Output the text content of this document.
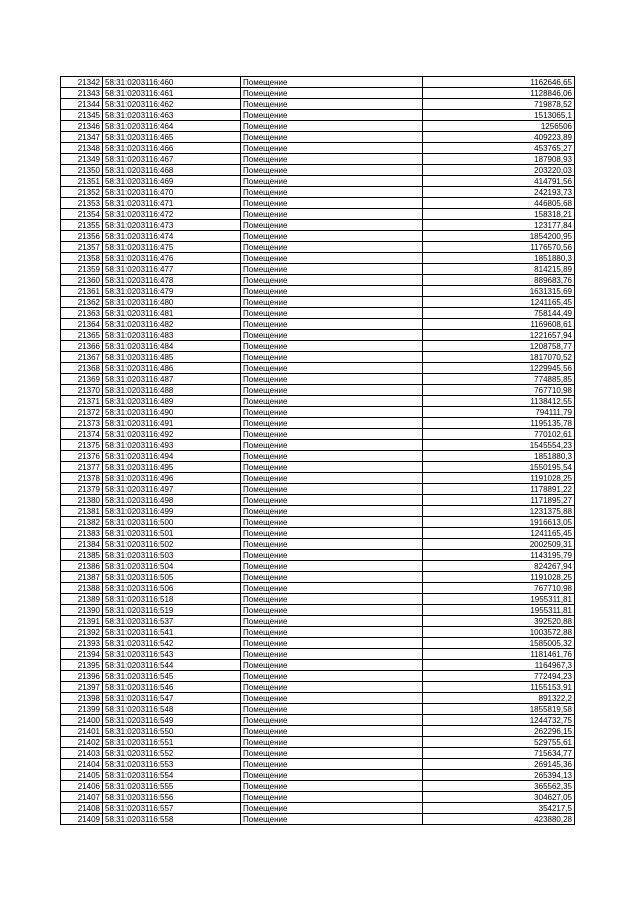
21342	58:31:0203116:460	Помещение	1162646,65
21343	58:31:0203116:461	Помещение	1128846,06
21344	58:31:0203116:462	Помещение	719878,52
21345	58:31:0203116:463	Помещение	1513065,1
21346	58:31:0203116:464	Помещение	1256506
21347	58:31:0203116:465	Помещение	409223,89
21348	58:31:0203116:466	Помещение	453765,27
21349	58:31:0203116:467	Помещение	187908,93
21350	58:31:0203116:468	Помещение	203220,03
21351	58:31:0203116:469	Помещение	414791,56
21352	58:31:0203116:470	Помещение	242193,73
21353	58:31:0203116:471	Помещение	446805,68
21354	58:31:0203116:472	Помещение	158318,21
21355	58:31:0203116:473	Помещение	123177,84
21356	58:31:0203116:474	Помещение	1854200,95
21357	58:31:0203116:475	Помещение	1176570,56
21358	58:31:0203116:476	Помещение	1851880,3
21359	58:31:0203116:477	Помещение	814215,89
21360	58:31:0203116:478	Помещение	889683,76
21361	58:31:0203116:479	Помещение	1631315,69
21362	58:31:0203116:480	Помещение	1241165,45
21363	58:31:0203116:481	Помещение	758144,49
21364	58:31:0203116:482	Помещение	1169608,61
21365	58:31:0203116:483	Помещение	1221657,94
21366	58:31:0203116:484	Помещение	1208758,77
21367	58:31:0203116:485	Помещение	1817070,52
21368	58:31:0203116:486	Помещение	1229945,56
21369	58:31:0203116:487	Помещение	774885,85
21370	58:31:0203116:488	Помещение	767710,98
21371	58:31:0203116:489	Помещение	1138412,55
21372	58:31:0203116:490	Помещение	794111,79
21373	58:31:0203116:491	Помещение	1195135,78
21374	58:31:0203116:492	Помещение	770102,61
21375	58:31:0203116:493	Помещение	1545554,23
21376	58:31:0203116:494	Помещение	1851880,3
21377	58:31:0203116:495	Помещение	1550195,54
21378	58:31:0203116:496	Помещение	1191028,25
21379	58:31:0203116:497	Помещение	1178891,22
21380	58:31:0203116:498	Помещение	1171895,27
21381	58:31:0203116:499	Помещение	1231375,88
21382	58:31:0203116:500	Помещение	1916613,05
21383	58:31:0203116:501	Помещение	1241165,45
21384	58:31:0203116:502	Помещение	2002509,31
21385	58:31:0203116:503	Помещение	1143195,79
21386	58:31:0203116:504	Помещение	824267,94
21387	58:31:0203116:505	Помещение	1191028,25
21388	58:31:0203116:506	Помещение	767710,98
21389	58:31:0203116:518	Помещение	1955311,81
21390	58:31:0203116:519	Помещение	1955311,81
21391	58:31:0203116:537	Помещение	392520,88
21392	58:31:0203116:541	Помещение	1003572,88
21393	58:31:0203116:542	Помещение	1585005,32
21394	58:31:0203116:543	Помещение	1181461,76
21395	58:31:0203116:544	Помещение	1164967,3
21396	58:31:0203116:545	Помещение	772494,23
21397	58:31:0203116:546	Помещение	1155153,91
21398	58:31:0203116:547	Помещение	891322,2
21399	58:31:0203116:548	Помещение	1855819,58
21400	58:31:0203116:549	Помещение	1244732,75
21401	58:31:0203116:550	Помещение	262296,15
21402	58:31:0203116:551	Помещение	529755,61
21403	58:31:0203116:552	Помещение	715634,77
21404	58:31:0203116:553	Помещение	269145,36
21405	58:31:0203116:554	Помещение	265394,13
21406	58:31:0203116:555	Помещение	365562,35
21407	58:31:0203116:556	Помещение	304627,05
21408	58:31:0203116:557	Помещение	354217,5
21409	58:31:0203116:558	Помещение	423880,28
